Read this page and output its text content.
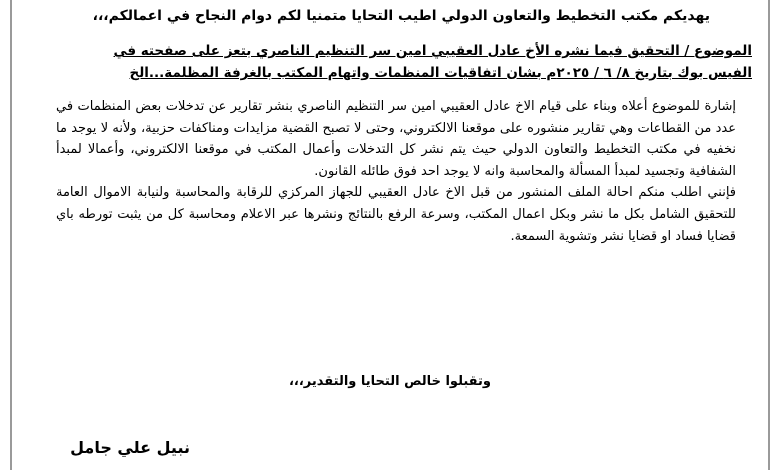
يهديكم مكتب التخطيط والتعاون الدولي اطيب التحايا متمنيا لكم دوام النجاح في اعمالكم،،،
الموضوع / التحقيق فيما نشره الأخ عادل العقيبي امين سر التنظيم الناصري بتعز على صفحته في
الفيس بوك بتاريخ ٨/ ٦ / ٢٠٢٥م بشان اتفاقيات المنظمات واتهام المكتب بالغرفة المظلمة...الخ

إشارة للموضوع أعلاه وبناء على قيام الاخ عادل العقيبي امين سر التنظيم الناصري بنشر تقارير عن تدخلات بعض المنظمات في عدد من القطاعات وهي تقارير منشوره على موقعنا الالكتروني، وحتى لا تصبح القضية مزايدات ومناكفات حزبية، ولأنه لا يوجد ما نخفيه في مكتب التخطيط والتعاون الدولي حيث يتم نشر كل التدخلات وأعمال المكتب في موقعنا الالكتروني، وأعمالا لمبدأ الشفافية وتجسيد لمبدأ المسألة والمحاسبة وانه لا يوجد احد فوق طائله القانون.

فإنني اطلب منكم احالة الملف المنشور من قبل الاخ عادل العقيبي للجهاز المركزي للرقابة والمحاسبة ولنيابة الاموال العامة للتحقيق الشامل بكل ما نشر وبكل اعمال المكتب، وسرعة الرفع بالنتائج ونشرها عبر الاعلام ومحاسبة كل من يثبت تورطه باي قضايا فساد او قضايا نشر وتشوية السمعة.

وتقبلوا خالص التحايا والتقدير،،،
نبيل علي جامل
